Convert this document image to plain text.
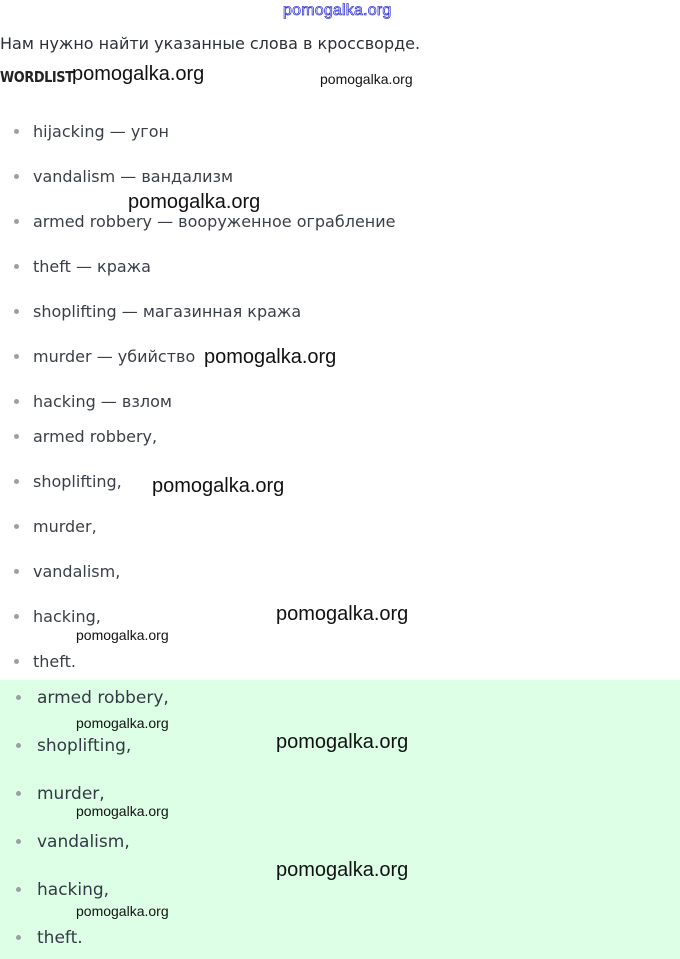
pomogalka.org
Нам нужно найти указанные слова в кроссворде.
WORDLIST
hijacking — угон
vandalism — вандализм
armed robbery — вооруженное ограбление
theft — кража
shoplifting — магазинная кража
murder — убийство
hacking — взлом
armed robbery,
shoplifting,
murder,
vandalism,
hacking,
theft.
armed robbery,
shoplifting,
murder,
vandalism,
hacking,
theft.
pomogalka.org	pomogalka.org
pomogalka.org
pomogalka.org
pomogalka.org
pomogalka.org
pomogalka.org
pomogalka.org
pomogalka.org
pomogalka.org
pomogalka.org
pomogalka.org
